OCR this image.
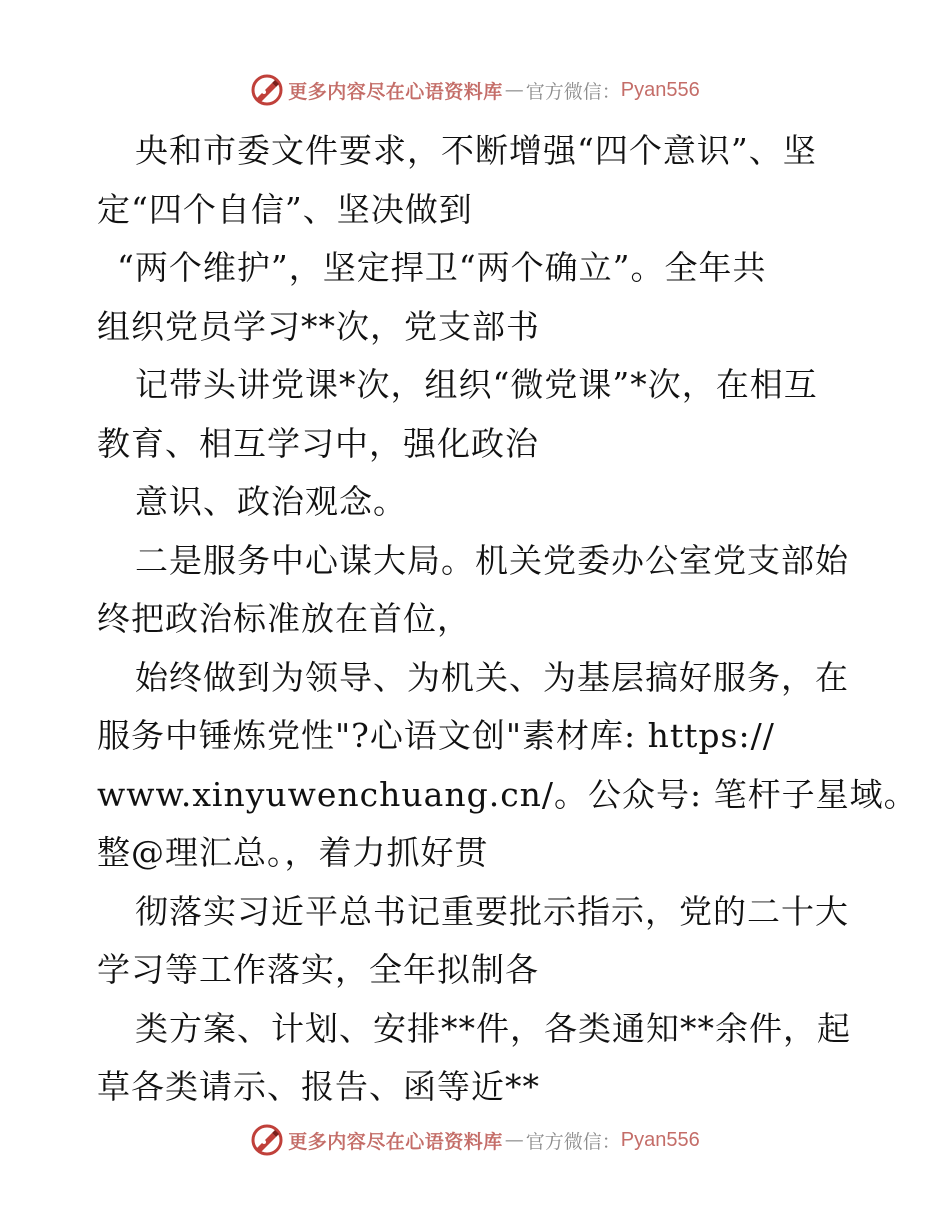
更多内容尽在心语资料库 — 官方微信： Pyan556
央和市委文件要求，不断增强“四个意识”、坚
定“四个自信”、坚决做到
“两个维护”，坚定捍卫“两个确立”。全年共
组织党员学习**次，党支部书
记带头讲党课*次，组织“微党课”*次，在相互
教育、相互学习中，强化政治
意识、政治观念。
二是服务中心谋大局。机关党委办公室党支部始
终把政治标准放在首位，
始终做到为领导、为机关、为基层搞好服务，在
服务中锤炼党性"?心语文创"素材库: https://
www.xinyuwenchuang.cn/。公众号: 笔杆子星域。
整@理汇总。，着力抓好贯
彻落实习近平总书记重要批示指示，党的二十大
学习等工作落实，全年拟制各
类方案、计划、安排**件，各类通知**余件，起
草各类请示、报告、函等近**
更多内容尽在心语资料库 — 官方微信： Pyan556
